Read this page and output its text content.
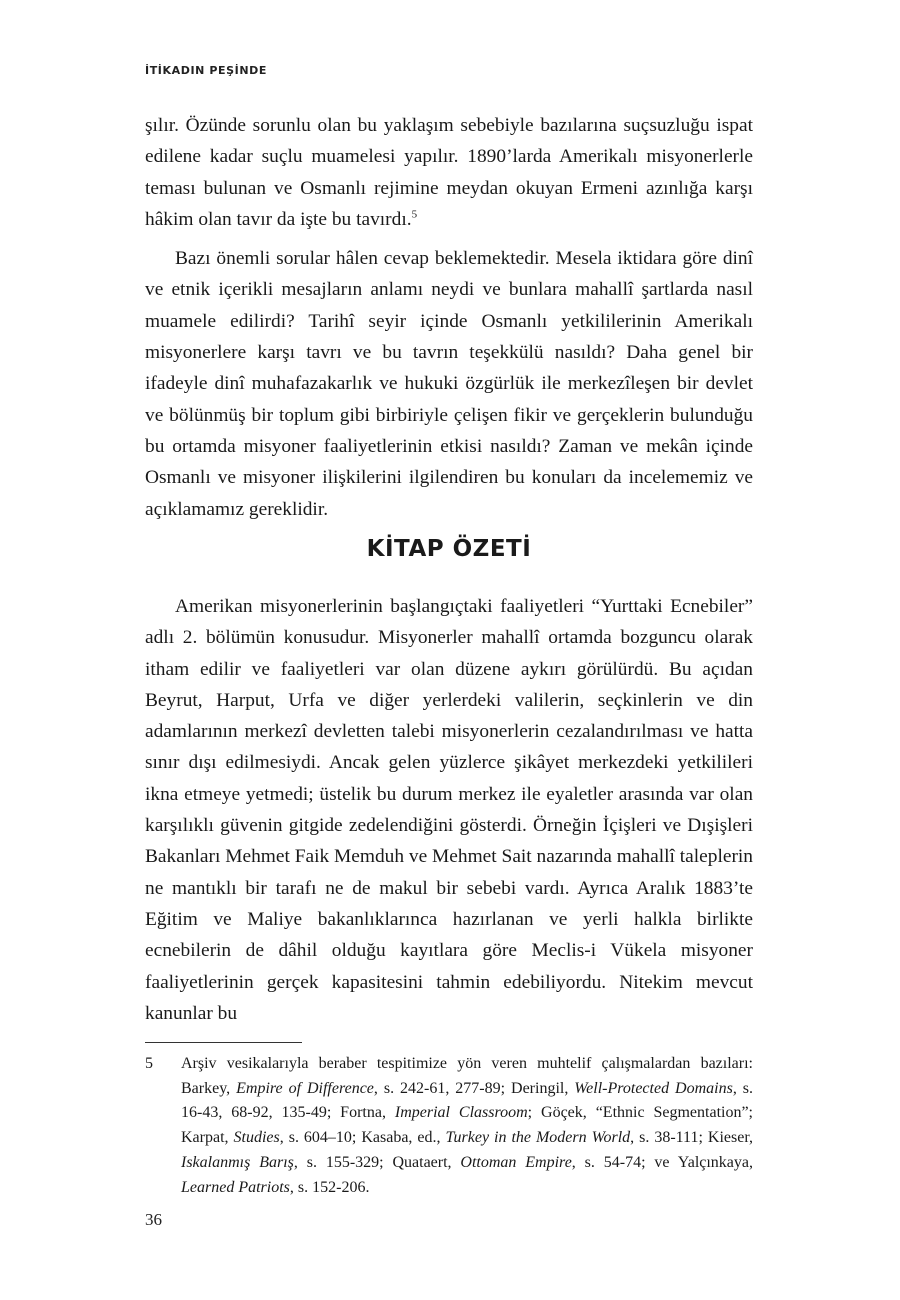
İTİKADIN PEŞİNDE

şılır. Özünde sorunlu olan bu yaklaşım sebebiyle bazılarına suçsuzluğu ispat edilene kadar suçlu muamelesi yapılır. 1890’larda Amerikalı misyonerlerle teması bulunan ve Osmanlı rejimine meydan okuyan Ermeni azınlığa karşı hâkim olan tavır da işte bu tavırdı.$^5$

Bazı önemli sorular hâlen cevap beklemektedir. Mesela iktidara göre dinî ve etnik içerikli mesajların anlamı neydi ve bunlara mahallî şartlarda nasıl muamele edilirdi? Tarihî seyir içinde Osmanlı yetkililerinin Amerikalı misyonerlere karşı tavrı ve bu tavrın teşekkülü nasıldı? Daha genel bir ifadeyle dinî muhafazakarlık ve hukuki özgürlük ile merkezîleşen bir devlet ve bölünmüş bir toplum gibi birbiriyle çelişen fikir ve gerçeklerin bulunduğu bu ortamda misyoner faaliyetlerinin etkisi nasıldı? Zaman ve mekân içinde Osmanlı ve misyoner ilişkilerini ilgilendiren bu konuları da incelememiz ve açıklamamız gereklidir.

KİTAP ÖZETİ

Amerikan misyonerlerinin başlangıçtaki faaliyetleri “Yurttaki Ecnebiler” adlı 2. bölümün konusudur. Misyonerler mahallî ortamda bozguncu olarak itham edilir ve faaliyetleri var olan düzene aykırı görülürdü. Bu açıdan Beyrut, Harput, Urfa ve diğer yerlerdeki valilerin, seçkinlerin ve din adamlarının merkezî devletten talebi misyonerlerin cezalandırılması ve hatta sınır dışı edilmesiydi. Ancak gelen yüzlerce şikâyet merkezdeki yetkilileri ikna etmeye yetmedi; üstelik bu durum merkez ile eyaletler arasında var olan karşılıklı güvenin gitgide zedelendiğini gösterdi. Örneğin İçişleri ve Dışişleri Bakanları Mehmet Faik Memduh ve Mehmet Sait nazarında mahallî taleplerin ne mantıklı bir tarafı ne de makul bir sebebi vardı. Ayrıca Aralık 1883’te Eğitim ve Maliye bakanlıklarınca hazırlanan ve yerli halkla birlikte ecnebilerin de dâhil olduğu kayıtlara göre Meclis-i Vükela misyoner faaliyetlerinin gerçek kapasitesini tahmin edebiliyordu. Nitekim mevcut kanunlar bu

5	Arşiv vesikalarıyla beraber tespitimize yön veren muhtelif çalışmalardan bazıları: Barkey, Empire of Difference, s. 242-61, 277-89; Deringil, Well-Protected Domains, s. 16-43, 68-92, 135-49; Fortna, Imperial Classroom; Göçek, “Ethnic Segmentation”; Karpat, Studies, s. 604–10; Kasaba, ed., Turkey in the Modern World, s. 38-111; Kieser, Iskalanmış Barış, s. 155-329; Quataert, Ottoman Empire, s. 54-74; ve Yalçınkaya, Learned Patriots, s. 152-206.
36
